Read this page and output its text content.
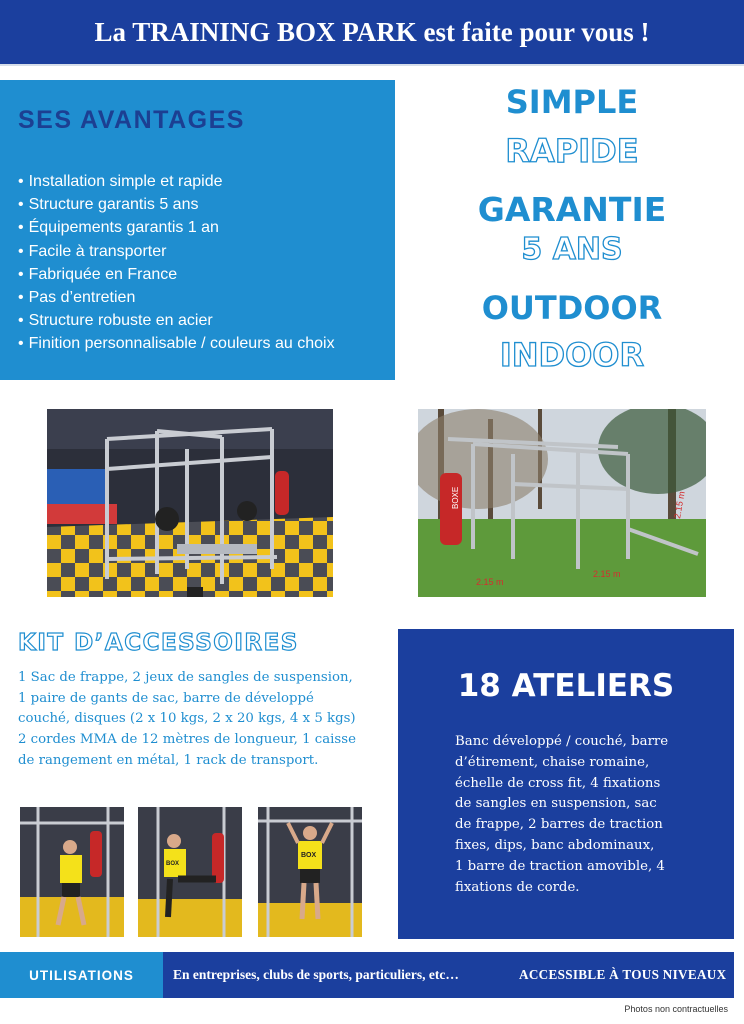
La TRAINING BOX PARK est faite pour vous !
SES AVANTAGES
• Installation simple et rapide
• Structure garantis 5 ans
• Équipements garantis 1 an
• Facile à transporter
• Fabriquée en France
• Pas d’entretien
• Structure robuste en acier
• Finition personnalisable / couleurs au choix
SIMPLE
RAPIDE
GARANTIE
5 ANS
OUTDOOR
INDOOR
BOXE
2.15 m
2.15 m
2.15 m
KIT D’ACCESSOIRES
1 Sac de frappe, 2 jeux de sangles de suspension,
1 paire de gants de sac, barre de développé
couché, disques (2 x 10 kgs, 2 x 20 kgs, 4 x 5 kgs)
2 cordes MMA de 12 mètres de longueur, 1 caisse
de rangement en métal, 1 rack de transport.
BOX
BOX
18 ATELIERS
Banc développé / couché, barre
d’étirement, chaise romaine,
échelle de cross fit, 4 fixations
de sangles en suspension, sac
de frappe, 2 barres de traction
fixes, dips, banc abdominaux,
1 barre de traction amovible, 4
fixations de corde.
UTILISATIONS	En entreprises, clubs de sports, particuliers, etc…	ACCESSIBLE À TOUS NIVEAUX
Photos non contractuelles
